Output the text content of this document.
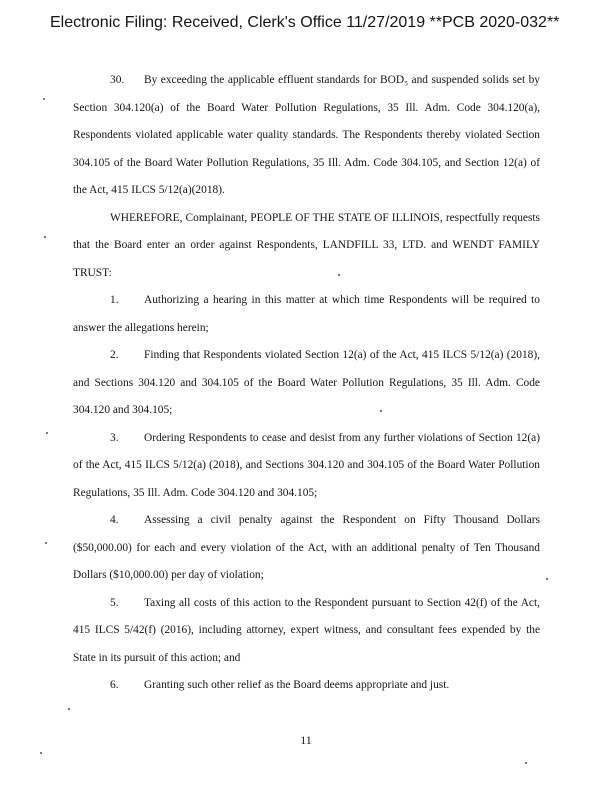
Electronic Filing: Received, Clerk's Office 11/27/2019 **PCB 2020-032**

30. By exceeding the applicable effluent standards for BOD₅ and suspended solids set by Section 304.120(a) of the Board Water Pollution Regulations, 35 Ill. Adm. Code 304.120(a), Respondents violated applicable water quality standards. The Respondents thereby violated Section 304.105 of the Board Water Pollution Regulations, 35 Ill. Adm. Code 304.105, and Section 12(a) of the Act, 415 ILCS 5/12(a)(2018).

WHEREFORE, Complainant, PEOPLE OF THE STATE OF ILLINOIS, respectfully requests that the Board enter an order against Respondents, LANDFILL 33, LTD. and WENDT FAMILY TRUST:

1. Authorizing a hearing in this matter at which time Respondents will be required to answer the allegations herein;

2. Finding that Respondents violated Section 12(a) of the Act, 415 ILCS 5/12(a) (2018), and Sections 304.120 and 304.105 of the Board Water Pollution Regulations, 35 Ill. Adm. Code 304.120 and 304.105;

3. Ordering Respondents to cease and desist from any further violations of Section 12(a) of the Act, 415 ILCS 5/12(a) (2018), and Sections 304.120 and 304.105 of the Board Water Pollution Regulations, 35 Ill. Adm. Code 304.120 and 304.105;

4. Assessing a civil penalty against the Respondent on Fifty Thousand Dollars ($50,000.00) for each and every violation of the Act, with an additional penalty of Ten Thousand Dollars ($10,000.00) per day of violation;

5. Taxing all costs of this action to the Respondent pursuant to Section 42(f) of the Act, 415 ILCS 5/42(f) (2016), including attorney, expert witness, and consultant fees expended by the State in its pursuit of this action; and

6. Granting such other relief as the Board deems appropriate and just.

11
